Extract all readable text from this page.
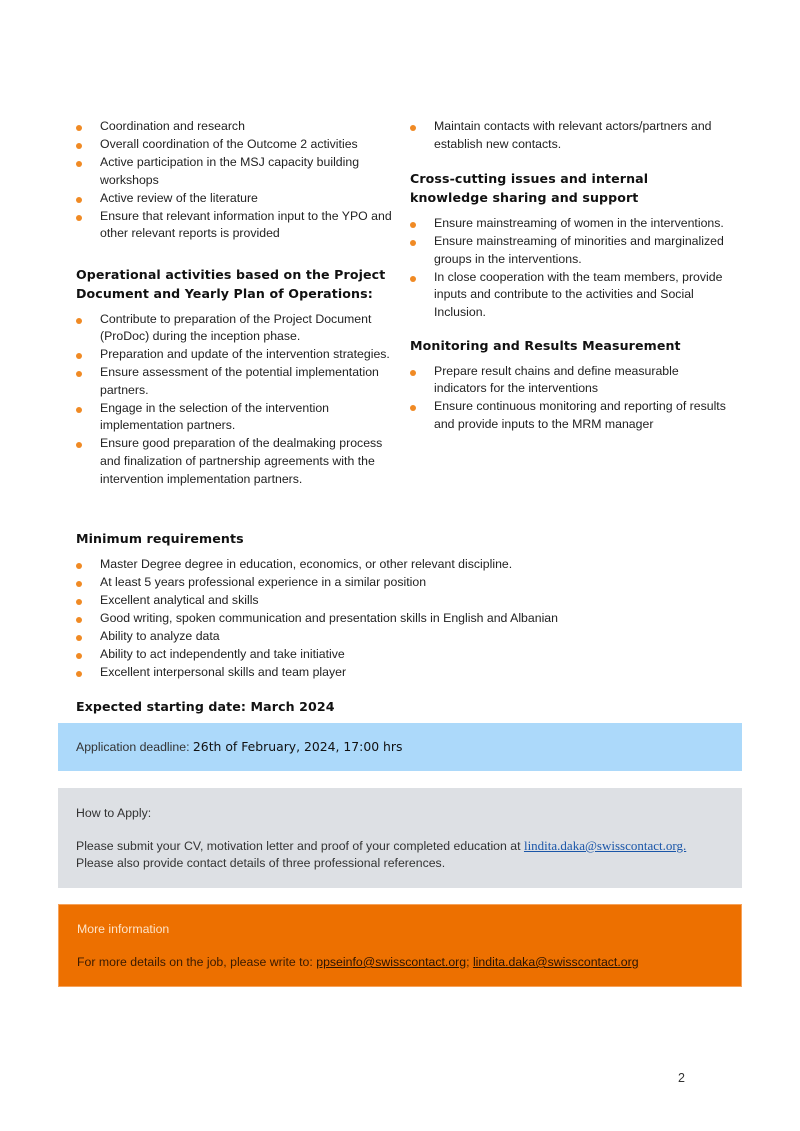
Coordination and research
Overall coordination of the Outcome 2 activities
Active participation in the MSJ capacity building workshops
Active review of the literature
Ensure that relevant information input to the YPO and other relevant reports is provided
Operational activities based on the Project Document and Yearly Plan of Operations:
Contribute to preparation of the Project Document (ProDoc) during the inception phase.
Preparation and update of the intervention strategies.
Ensure assessment of the potential implementation partners.
Engage in the selection of the intervention implementation partners.
Ensure good preparation of the dealmaking process and finalization of partnership agreements with the intervention implementation partners.
Maintain contacts with relevant actors/partners and establish new contacts.
Cross-cutting issues and internal knowledge sharing and support
Ensure mainstreaming of women in the interventions.
Ensure mainstreaming of minorities and marginalized groups in the interventions.
In close cooperation with the team members, provide inputs and contribute to the activities and Social Inclusion.
Monitoring and Results Measurement
Prepare result chains and define measurable indicators for the interventions
Ensure continuous monitoring and reporting of results and provide inputs to the MRM manager
Minimum requirements
Master Degree degree in education, economics, or other relevant discipline.
At least 5 years professional experience in a similar position
Excellent analytical and skills
Good writing, spoken communication and presentation skills in English and Albanian
Ability to analyze data
Ability to act independently and take initiative
Excellent interpersonal skills and team player
Expected starting date: March 2024

Application deadline: 26th of February, 2024, 17:00 hrs

How to Apply:

Please submit your CV, motivation letter and proof of your completed education at lindita.daka@swisscontact.org.

Please also provide contact details of three professional references.

More information

For more details on the job, please write to: ppseinfo@swisscontact.org; lindita.daka@swisscontact.org

2
